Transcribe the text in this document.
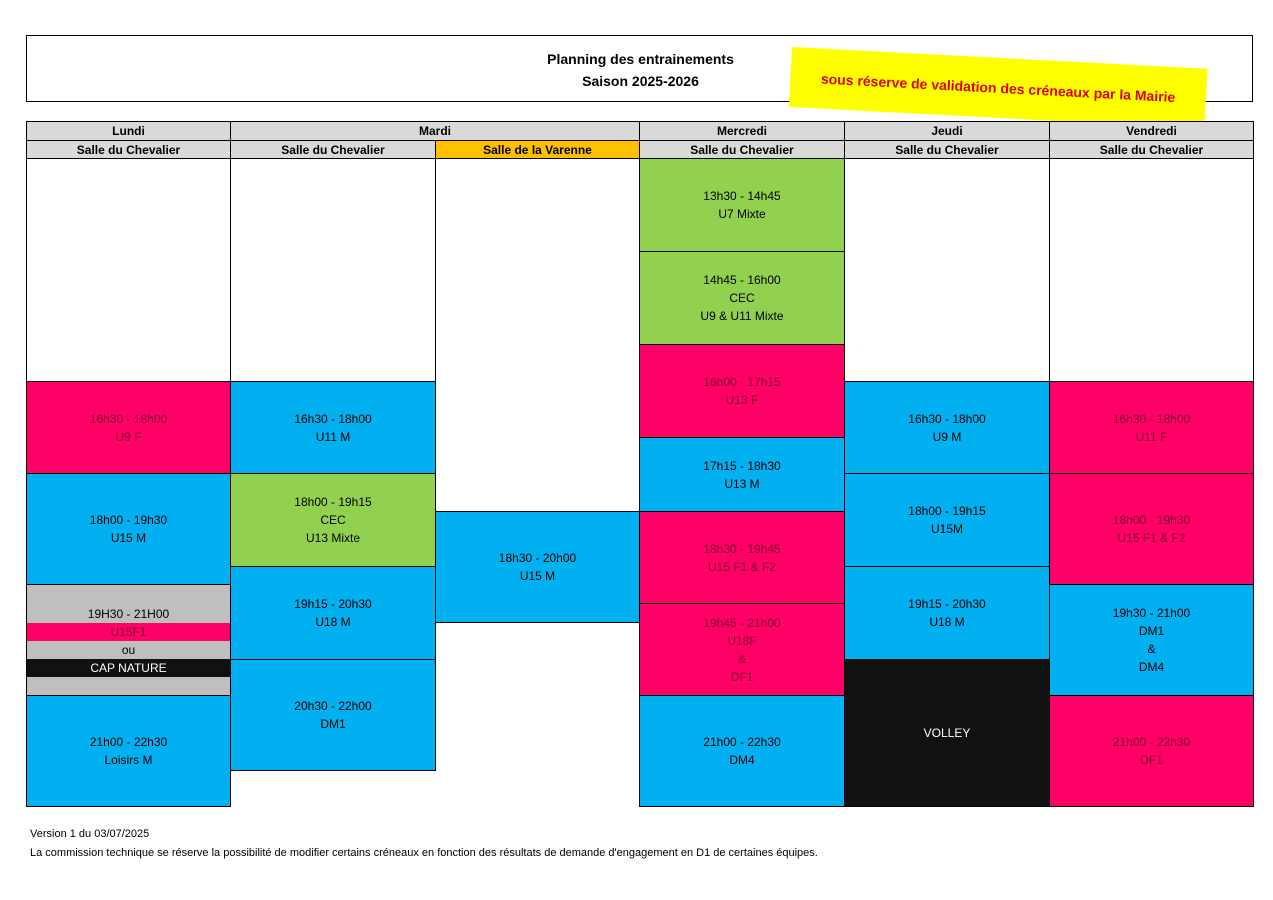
Planning des entrainements
Saison 2025-2026	sous réserve de validation des créneaux par la Mairie
Lundi
Salle du Chevalier
Mardi
Salle du Chevalier	Salle de la Varenne
Mercredi
Salle du Chevalier
Jeudi
Salle du Chevalier
Vendredi
Salle du Chevalier
16h30 - 18h00
U9 F
18h00 - 19h30
U15 M

19H30 - 21H00

U15F1

ou

CAP NATURE

21h00 - 22h30
Loisirs M
16h30 - 18h00
U11 M
18h00 - 19h15
CEC
U13 Mixte
19h15 - 20h30
U18 M
20h30 - 22h00
DM1
18h30 - 20h00
U15 M
13h30 - 14h45
U7 Mixte
14h45 - 16h00
CEC
U9 & U11 Mixte
16h00 - 17h15
U13 F
17h15 - 18h30
U13 M
18h30 - 19h45
U15 F1 & F2
19h45 - 21h00
U18F
&
DF1
21h00 - 22h30
DM4
16h30 - 18h00
U9 M
18h00 - 19h15
U15M
19h15 - 20h30
U18 M
VOLLEY
16h30 - 18h00
U11 F
18h00 - 19h30
U15 F1 & F2
19h30 - 21h00
DM1
&
DM4
21h00 - 22h30
DF1
Version 1 du 03/07/2025
La commission technique se réserve la possibilité de modifier certains créneaux en fonction des résultats de demande d'engagement en D1 de certaines équipes.
